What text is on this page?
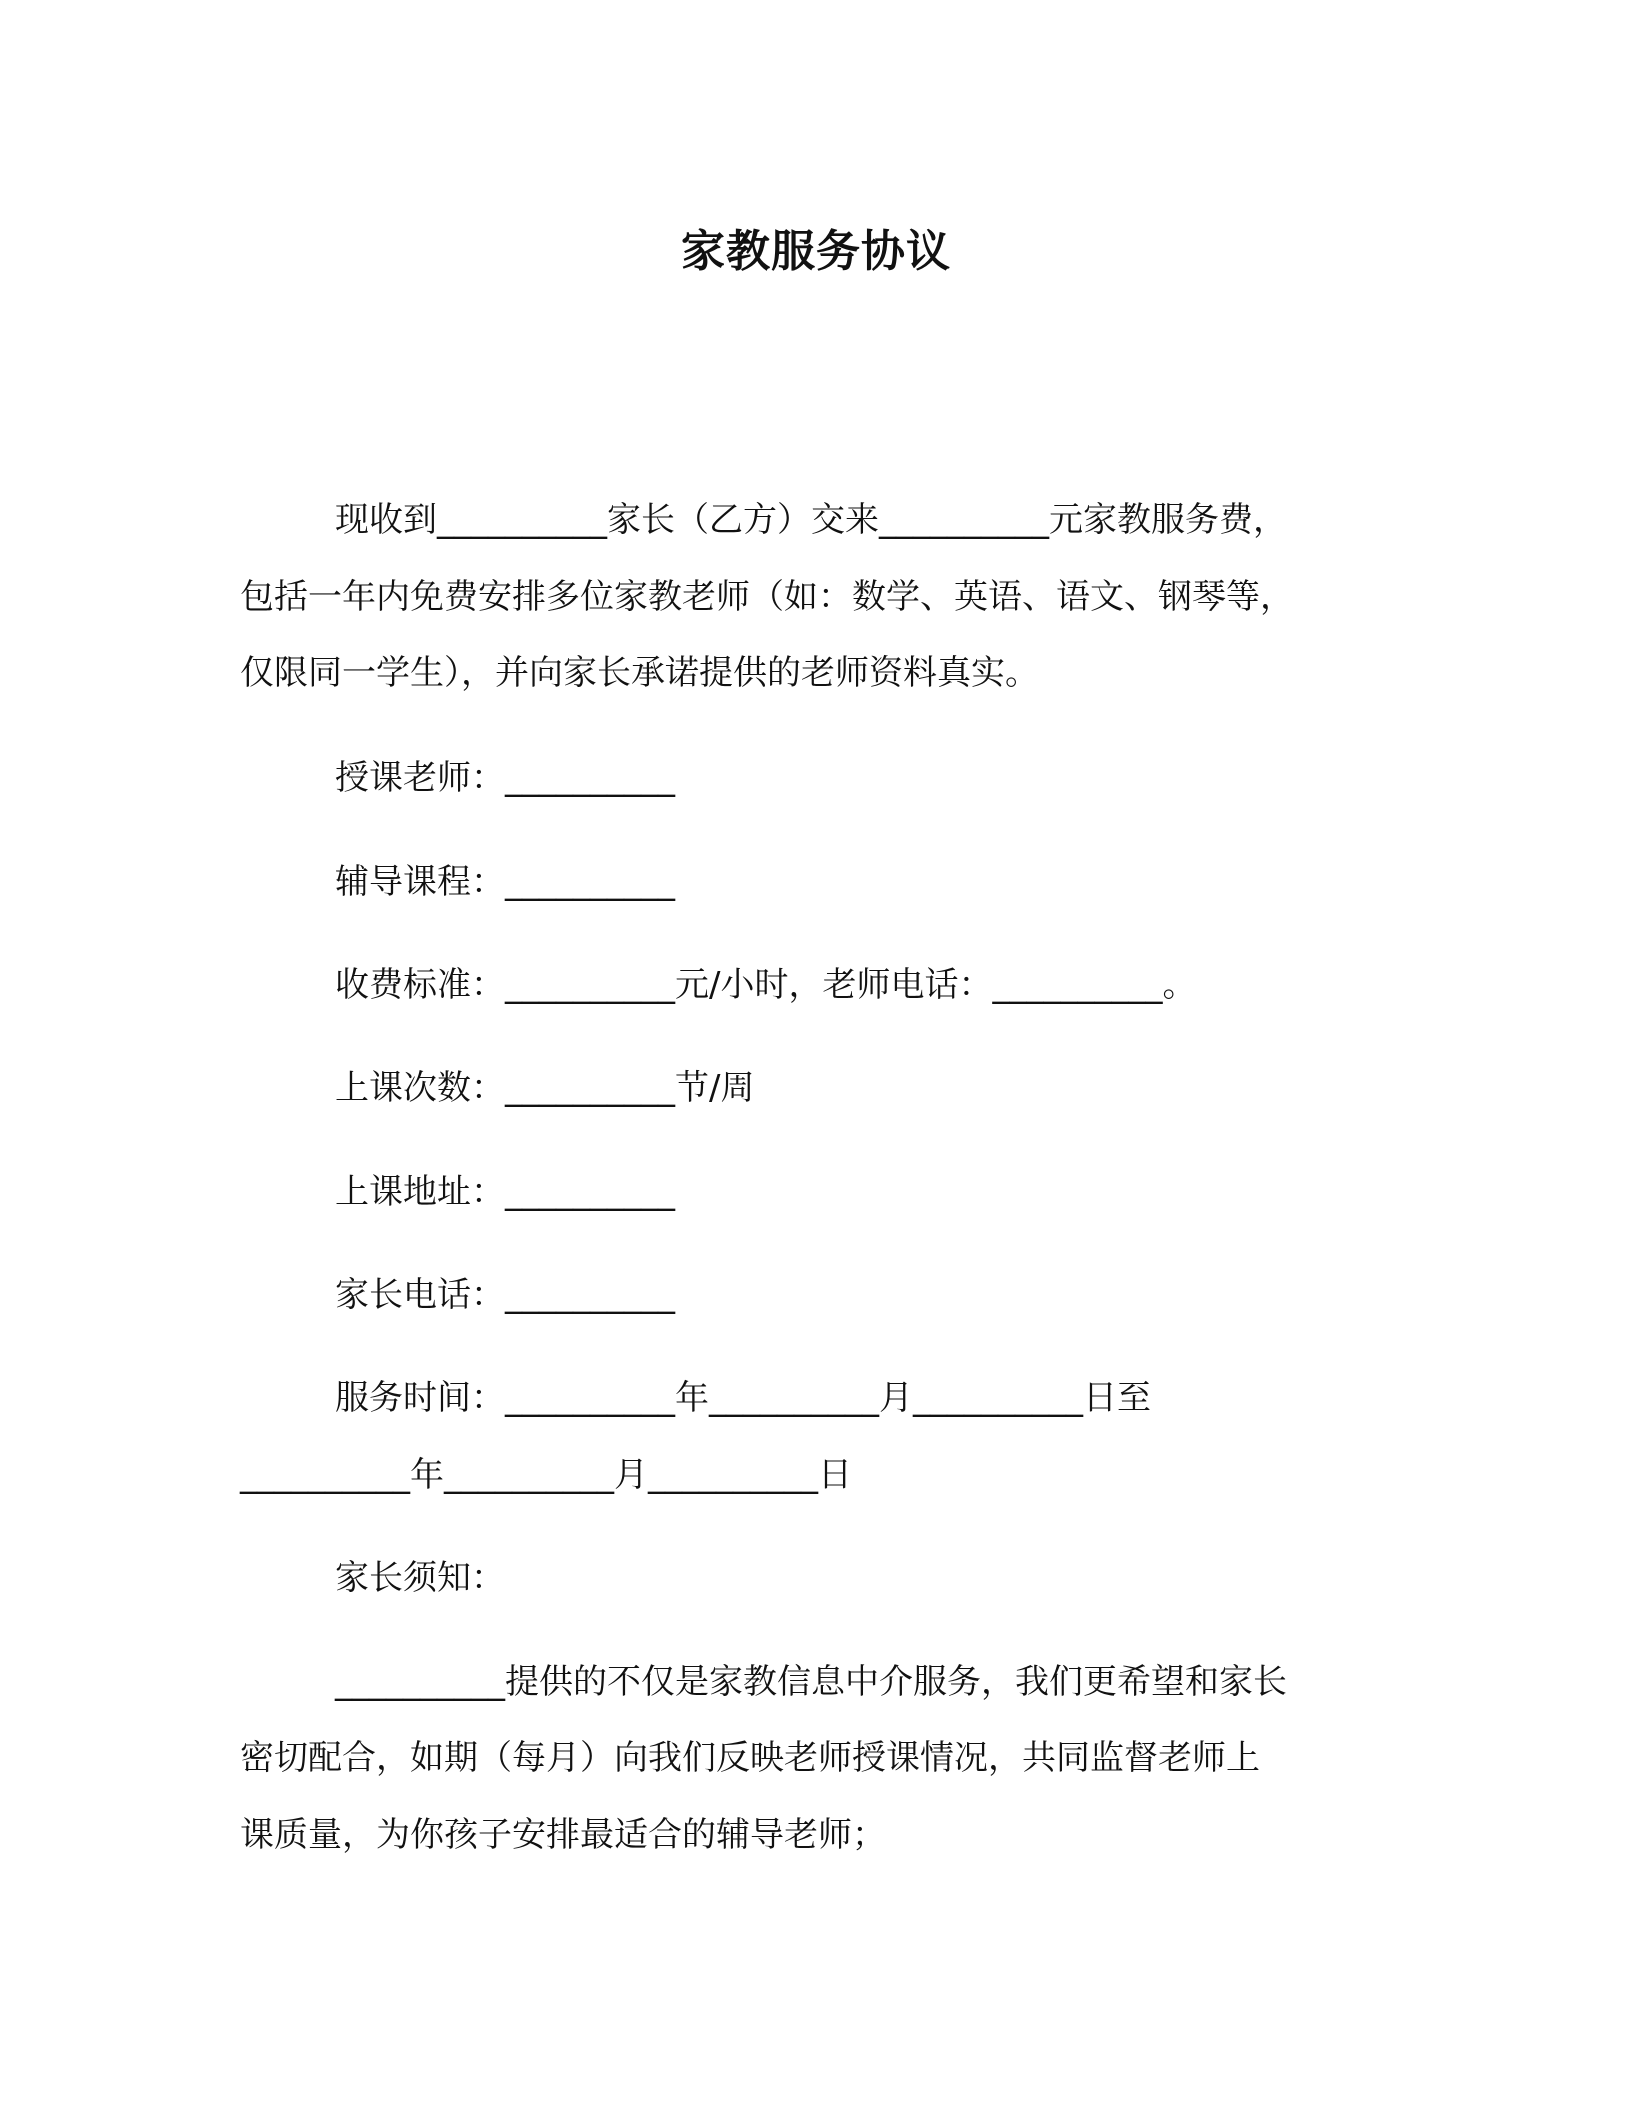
家教服务协议
现收到__________家长（乙方）交来__________元家教服务费，
包括一年内免费安排多位家教老师（如：数学、英语、语文、钢琴等，
仅限同一学生），并向家长承诺提供的老师资料真实。
授课老师：__________
辅导课程：__________
收费标准：__________元/小时，老师电话：__________。
上课次数：__________节/周
上课地址：__________
家长电话：__________
服务时间：__________年__________月__________日至
__________年__________月__________日
家长须知：
__________提供的不仅是家教信息中介服务，我们更希望和家长
密切配合，如期（每月）向我们反映老师授课情况，共同监督老师上
课质量，为你孩子安排最适合的辅导老师；
